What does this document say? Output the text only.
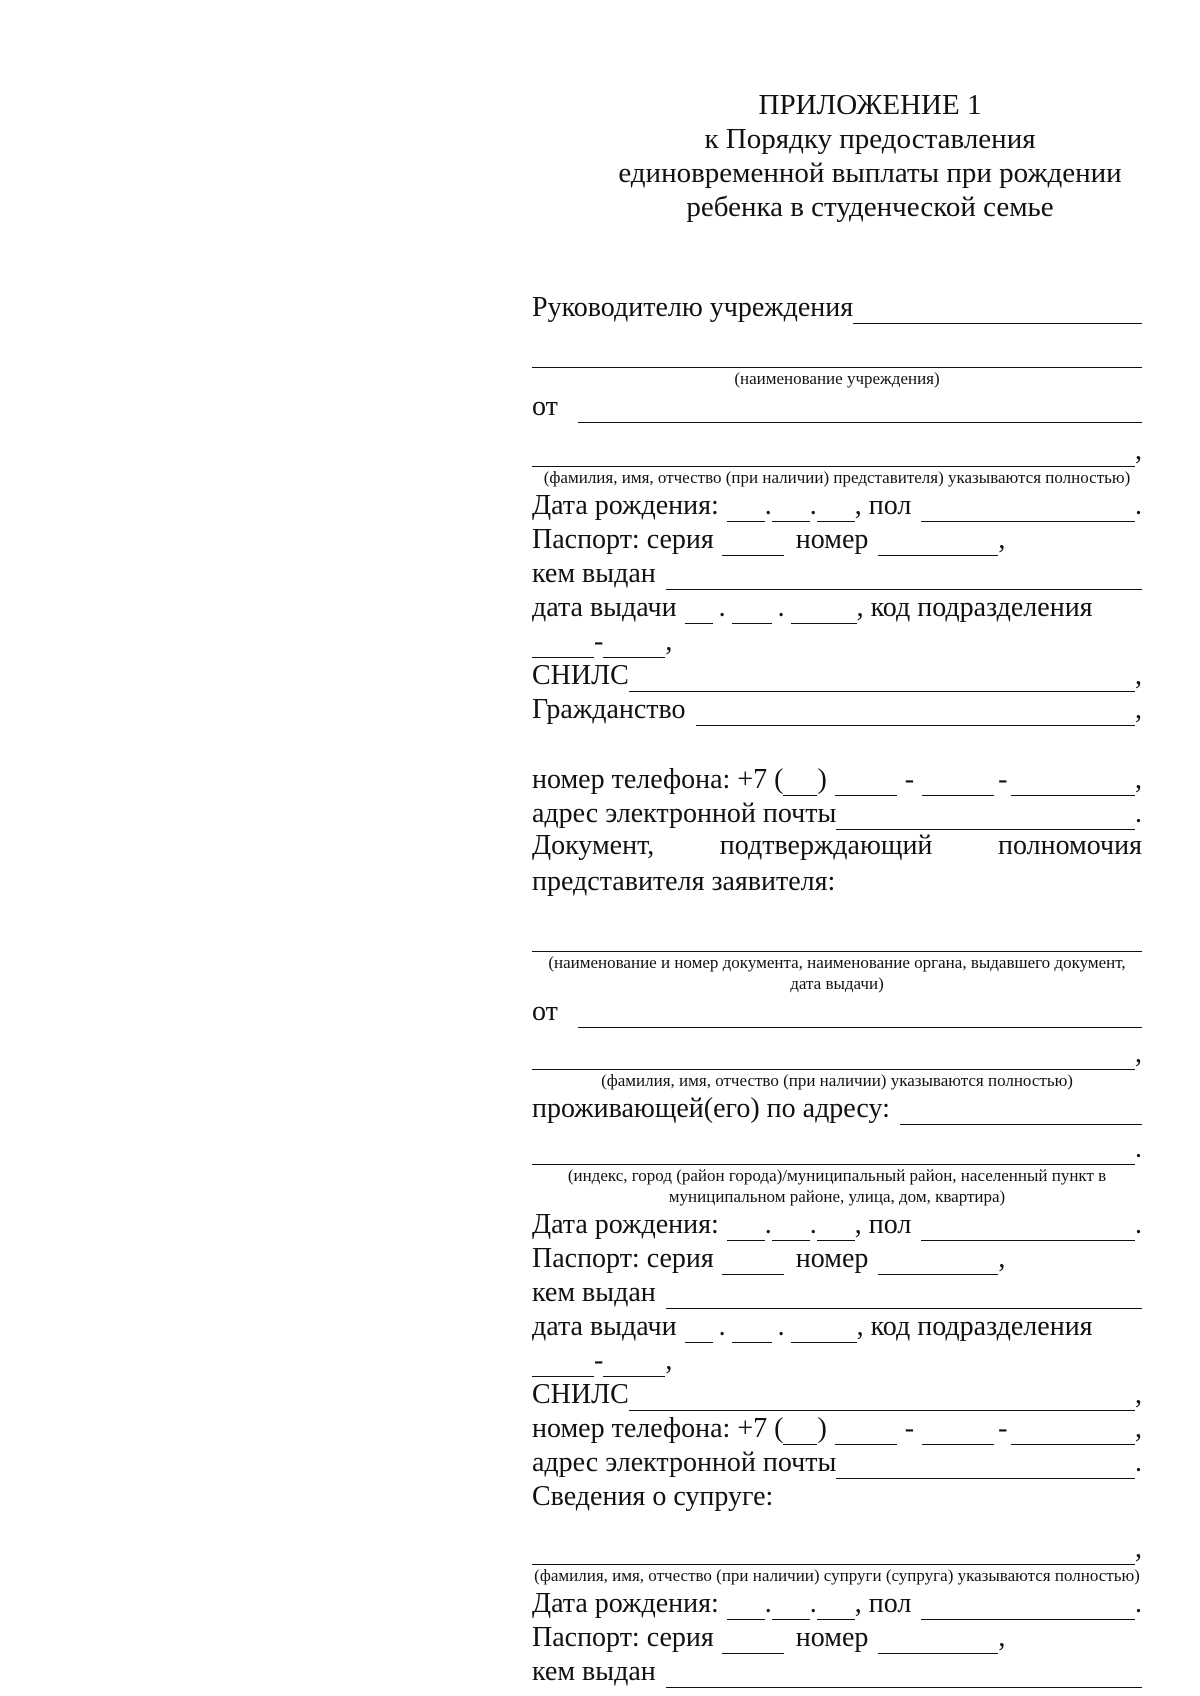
ПРИЛОЖЕНИЕ 1
к Порядку предоставления
единовременной выплаты при рождении
ребенка в студенческой семье
Руководителю учреждения
(наименование учреждения)
от
,
(фамилия, имя, отчество (при наличии) представителя) указываются полностью)
Дата рождения: . . , пол	.
Паспорт: серия	номер	,
кем выдан
дата выдачи . .	, код подразделения
- ,
СНИЛС	,
Гражданство	,
номер телефона: +7 ( )	-	-	,
адрес электронной почты	.
Документ, подтверждающий полномочия
представителя заявителя:
(наименование и номер документа, наименование органа, выдавшего документ, дата выдачи)
от
,
(фамилия, имя, отчество (при наличии) указываются полностью)
проживающей(его) по адресу:
.
(индекс, город (район города)/муниципальный район, населенный пункт в муниципальном районе, улица, дом, квартира)
Дата рождения: . . , пол	.
Паспорт: серия	номер	,
кем выдан
дата выдачи . .	, код подразделения
- ,
СНИЛС	,
номер телефона: +7 ( )	-	-	,
адрес электронной почты	.
Сведения о супруге:
,
(фамилия, имя, отчество (при наличии) супруги (супруга) указываются полностью)
Дата рождения: . . , пол	.
Паспорт: серия	номер	,
кем выдан
